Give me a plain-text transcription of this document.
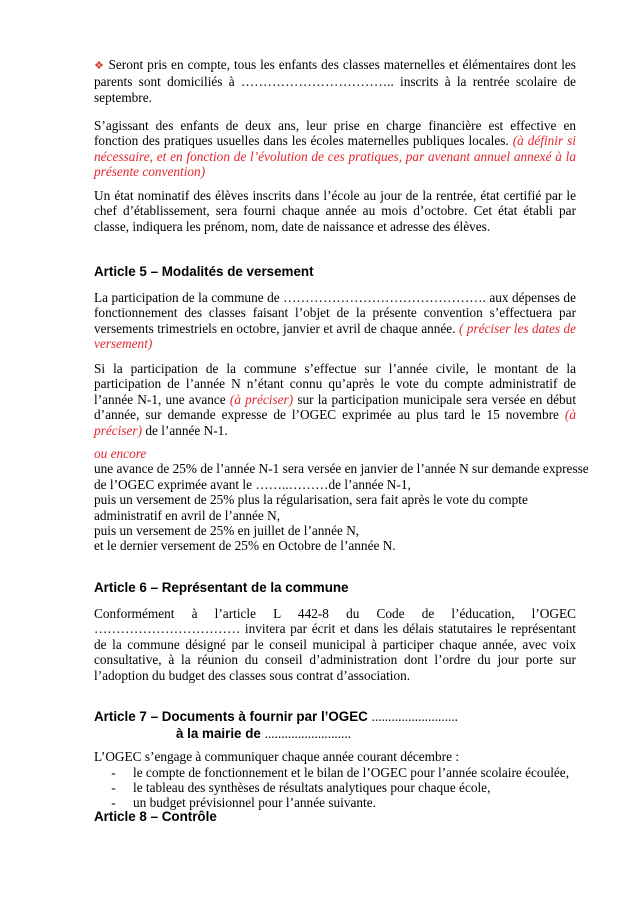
❖ Seront pris en compte, tous les enfants des classes maternelles et élémentaires dont les parents sont domiciliés à …………………………….. inscrits à la rentrée scolaire de septembre.

S’agissant des enfants de deux ans, leur prise en charge financière est effective en fonction des pratiques usuelles dans les écoles maternelles publiques locales. (à définir si nécessaire, et en fonction de l’évolution de ces pratiques, par avenant annuel annexé à la présente convention)

Un état nominatif des élèves inscrits dans l’école au jour de la rentrée, état certifié par le chef d’établissement, sera fourni chaque année au mois d’octobre. Cet état établi par classe, indiquera les prénom, nom, date de naissance et adresse des élèves.

Article 5 – Modalités de versement

La participation de la commune de ………………………………………. aux dépenses de fonctionnement des classes faisant l’objet de la présente convention s’effectuera par versements trimestriels en octobre, janvier et avril de chaque année. ( préciser les dates de versement)

Si la participation de la commune s’effectue sur l’année civile, le montant de la participation de l’année N n’étant connu qu’après le vote du compte administratif de l’année N-1, une avance (à préciser) sur la participation municipale sera versée en début d’année, sur demande expresse de l’OGEC exprimée au plus tard le 15 novembre (à préciser) de l’année N-1.

ou encore
une avance de 25% de l’année N-1 sera versée en janvier de l’année N sur demande expresse
de l’OGEC exprimée avant le ……..………de l’année N-1,
puis un versement de 25% plus la régularisation, sera fait après le vote du compte
administratif en avril de l’année N,
puis un versement de 25% en juillet de l’année N,
et le dernier versement de 25% en Octobre de l’année N.
Article 6 – Représentant de la commune

Conformément à l’article L 442-8 du Code de l’éducation, l’OGEC …………………………… invitera par écrit et dans les délais statutaires le représentant de la commune désigné par le conseil municipal à participer chaque année, avec voix consultative, à la réunion du conseil d’administration dont l’ordre du jour porte sur l’adoption du budget des classes sous contrat d’association.

Article 7 – Documents à fournir par l’OGEC ..........................
à la mairie de ..........................

L’OGEC s’engage à communiquer chaque année courant décembre :

- le compte de fonctionnement et le bilan de l’OGEC pour l’année scolaire écoulée,
- le tableau des synthèses de résultats analytiques pour chaque école,
- un budget prévisionnel pour l’année suivante.
Article 8 – Contrôle
